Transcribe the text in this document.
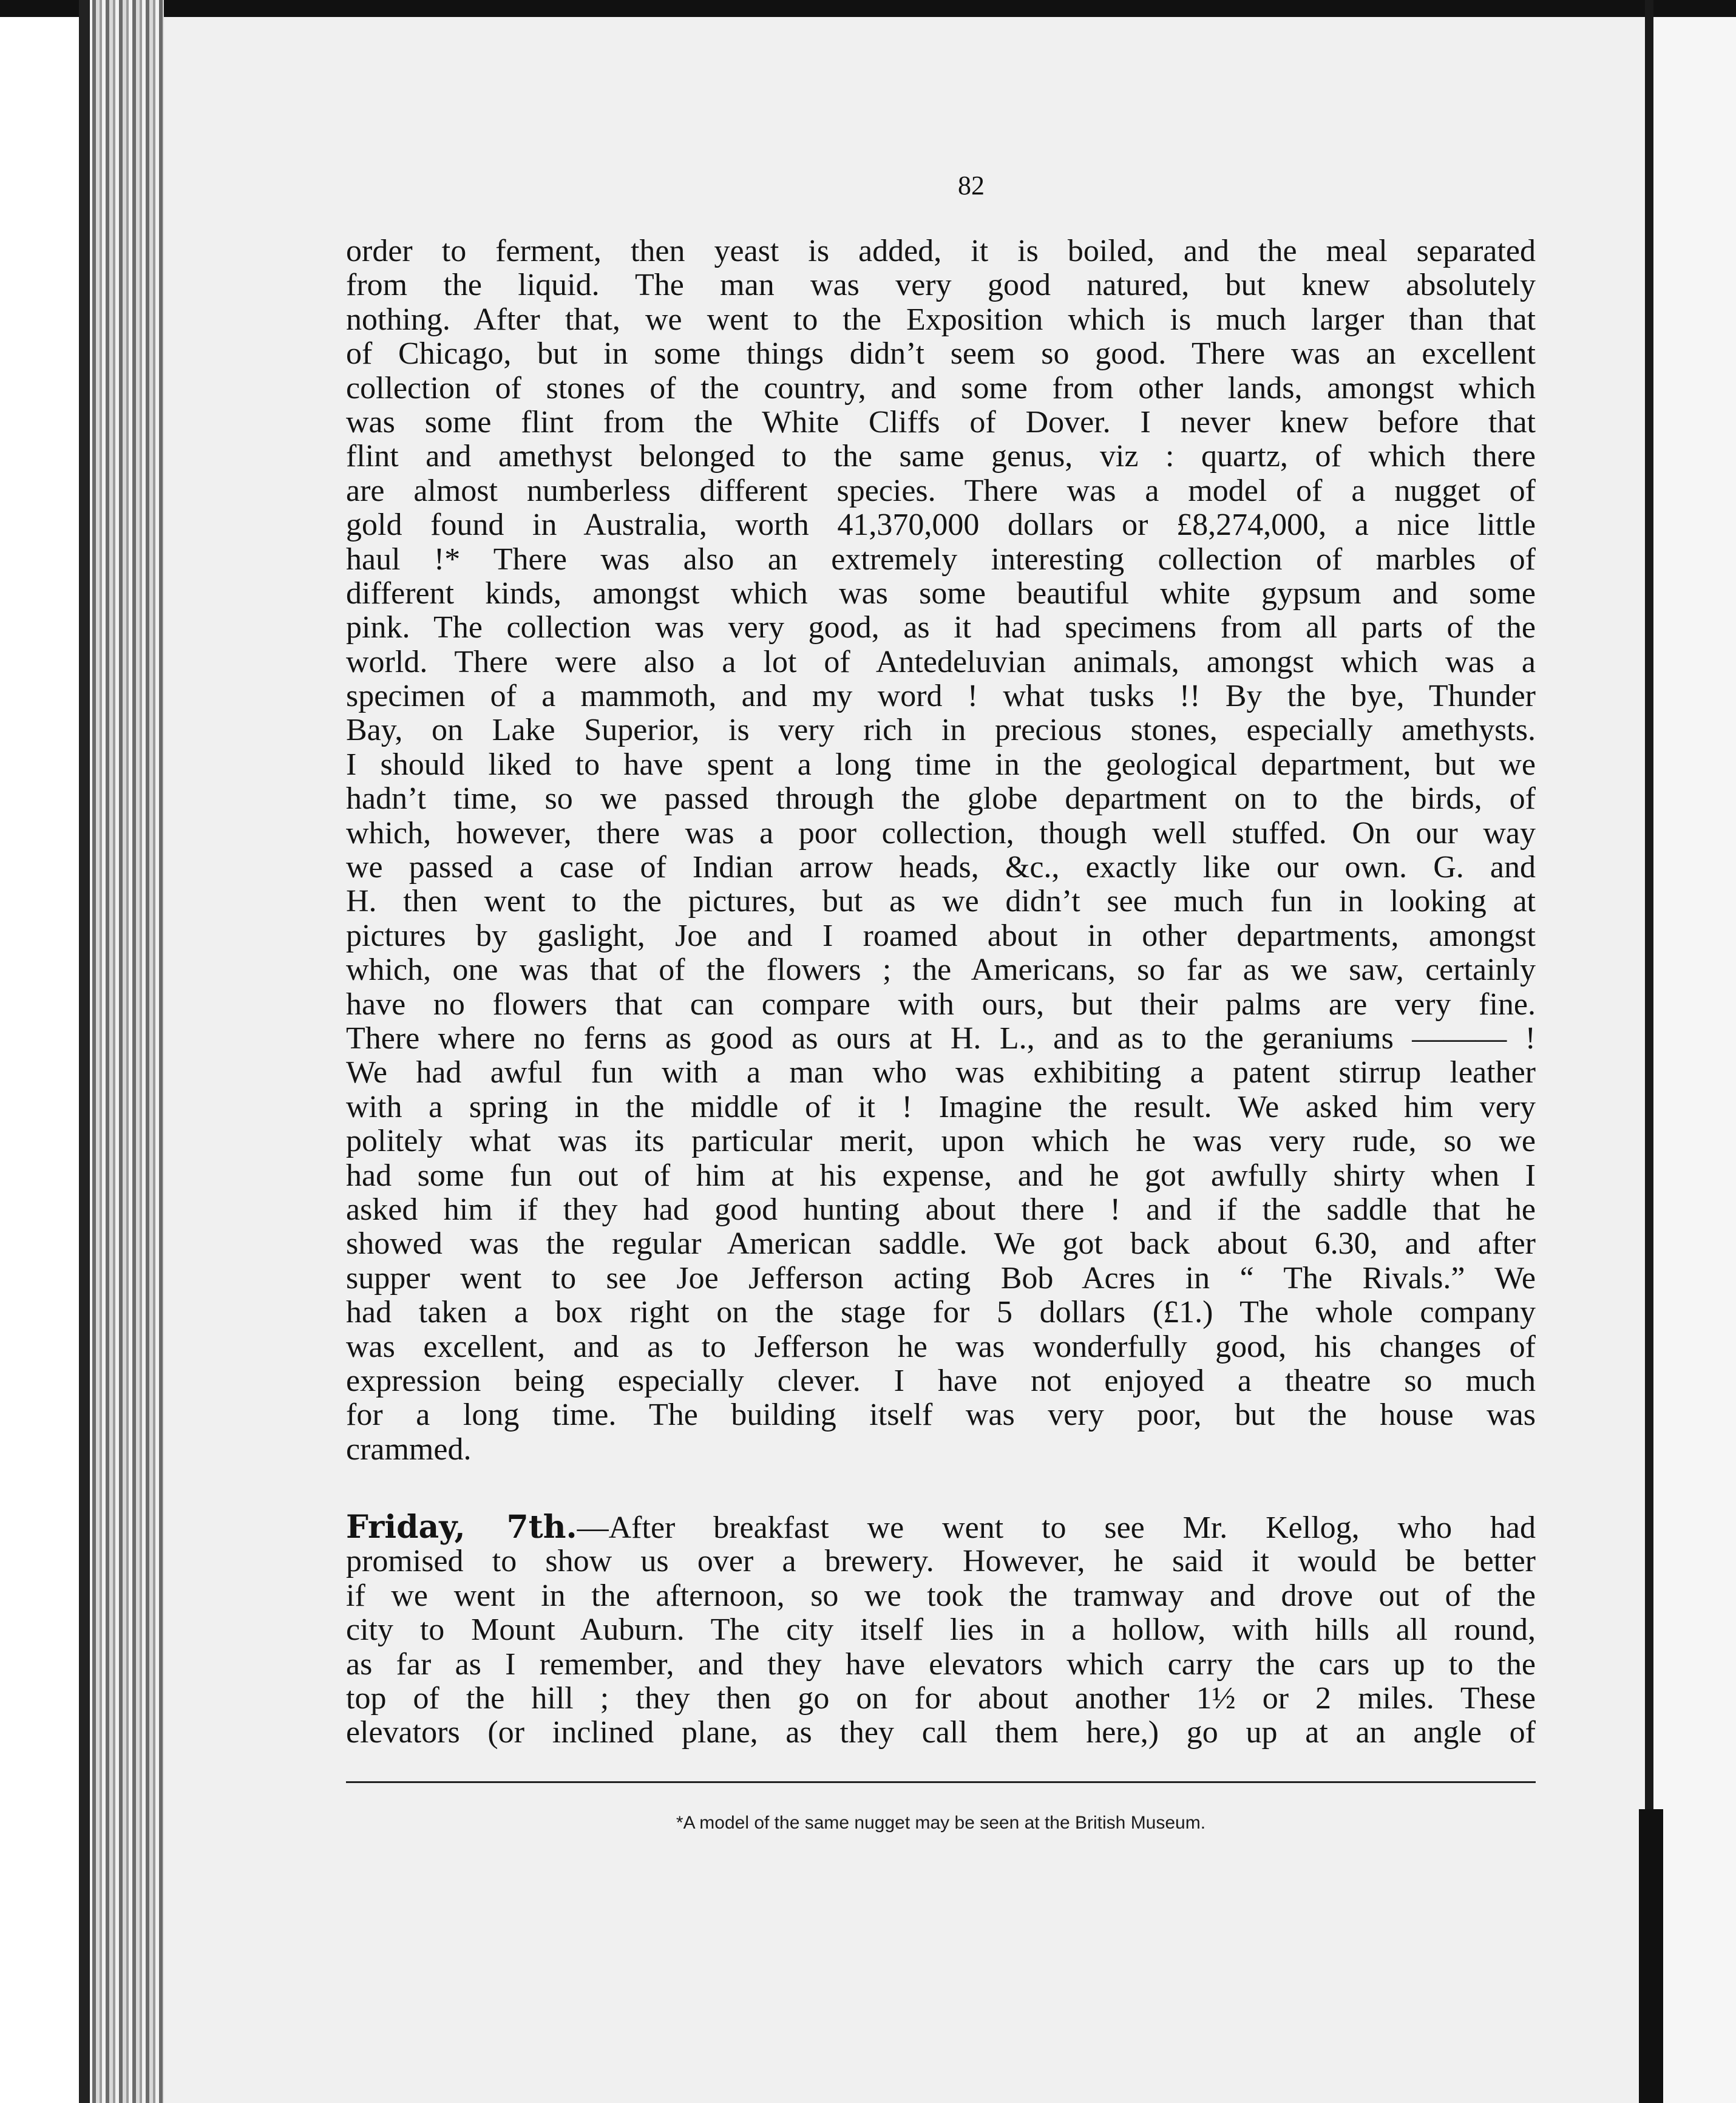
82
order to ferment, then yeast is added, it is boiled, and the meal separated
from the liquid. The man was very good natured, but knew absolutely
nothing. After that, we went to the Exposition which is much larger than that
of Chicago, but in some things didn’t seem so good. There was an excellent
collection of stones of the country, and some from other lands, amongst which
was some flint from the White Cliffs of Dover. I never knew before that
flint and amethyst belonged to the same genus, viz : quartz, of which there
are almost numberless different species. There was a model of a nugget of
gold found in Australia, worth 41,370,000 dollars or £8,274,000, a nice little
haul !* There was also an extremely interesting collection of marbles of
different kinds, amongst which was some beautiful white gypsum and some
pink. The collection was very good, as it had specimens from all parts of the
world. There were also a lot of Antedeluvian animals, amongst which was a
specimen of a mammoth, and my word ! what tusks !! By the bye, Thunder
Bay, on Lake Superior, is very rich in precious stones, especially amethysts.
I should liked to have spent a long time in the geological department, but we
hadn’t time, so we passed through the globe department on to the birds, of
which, however, there was a poor collection, though well stuffed. On our way
we passed a case of Indian arrow heads, &c., exactly like our own. G. and
H. then went to the pictures, but as we didn’t see much fun in looking at
pictures by gaslight, Joe and I roamed about in other departments, amongst
which, one was that of the flowers ; the Americans, so far as we saw, certainly
have no flowers that can compare with ours, but their palms are very fine.
There where no ferns as good as ours at H. L., and as to the geraniums ——— !
We had awful fun with a man who was exhibiting a patent stirrup leather
with a spring in the middle of it ! Imagine the result. We asked him very
politely what was its particular merit, upon which he was very rude, so we
had some fun out of him at his expense, and he got awfully shirty when I
asked him if they had good hunting about there ! and if the saddle that he
showed was the regular American saddle. We got back about 6.30, and after
supper went to see Joe Jefferson acting Bob Acres in “ The Rivals.” We
had taken a box right on the stage for 5 dollars (£1.) The whole company
was excellent, and as to Jefferson he was wonderfully good, his changes of
expression being especially clever. I have not enjoyed a theatre so much
for a long time. The building itself was very poor, but the house was
crammed.
Friday, 7th.—After breakfast we went to see Mr. Kellog, who had
promised to show us over a brewery. However, he said it would be better
if we went in the afternoon, so we took the tramway and drove out of the
city to Mount Auburn. The city itself lies in a hollow, with hills all round,
as far as I remember, and they have elevators which carry the cars up to the
top of the hill ; they then go on for about another 1½ or 2 miles. These
elevators (or inclined plane, as they call them here,) go up at an angle of
*A model of the same nugget may be seen at the British Museum.
